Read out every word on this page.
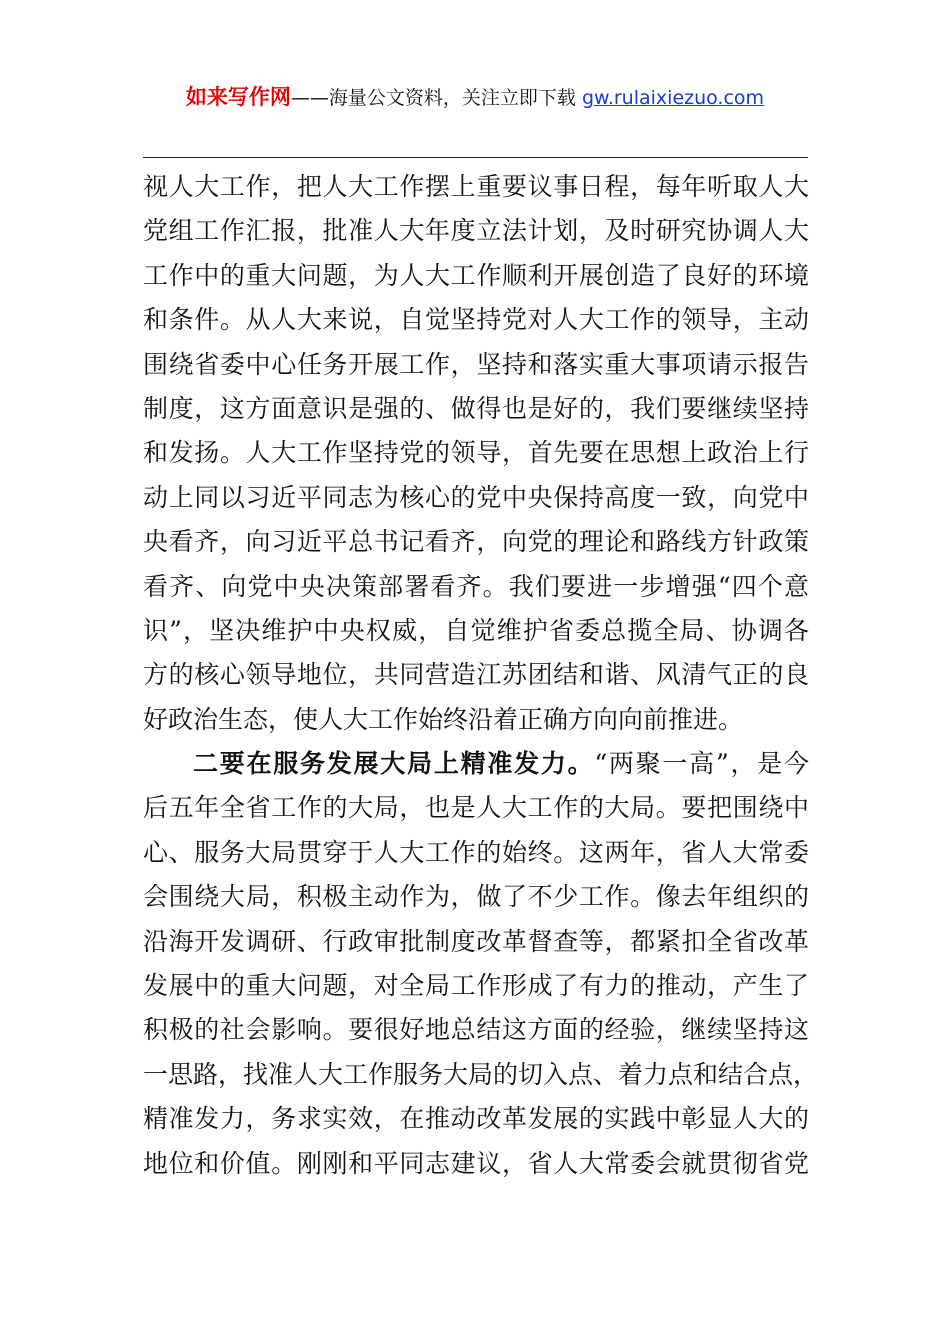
如来写作网——海量公文资料，关注立即下载 gw.rulaixiezuo.com
视人大工作，把人大工作摆上重要议事日程，每年听取人大
党组工作汇报，批准人大年度立法计划，及时研究协调人大
工作中的重大问题，为人大工作顺利开展创造了良好的环境
和条件。从人大来说，自觉坚持党对人大工作的领导，主动
围绕省委中心任务开展工作，坚持和落实重大事项请示报告
制度，这方面意识是强的、做得也是好的，我们要继续坚持
和发扬。人大工作坚持党的领导，首先要在思想上政治上行
动上同以习近平同志为核心的党中央保持高度一致，向党中
央看齐，向习近平总书记看齐，向党的理论和路线方针政策
看齐、向党中央决策部署看齐。我们要进一步增强“四个意
识”，坚决维护中央权威，自觉维护省委总揽全局、协调各
方的核心领导地位，共同营造江苏团结和谐、风清气正的良
好政治生态，使人大工作始终沿着正确方向向前推进。
二要在服务发展大局上精准发力。“两聚一高”，是今
后五年全省工作的大局，也是人大工作的大局。要把围绕中
心、服务大局贯穿于人大工作的始终。这两年，省人大常委
会围绕大局，积极主动作为，做了不少工作。像去年组织的
沿海开发调研、行政审批制度改革督查等，都紧扣全省改革
发展中的重大问题，对全局工作形成了有力的推动，产生了
积极的社会影响。要很好地总结这方面的经验，继续坚持这
一思路，找准人大工作服务大局的切入点、着力点和结合点，
精准发力，务求实效，在推动改革发展的实践中彰显人大的
地位和价值。刚刚和平同志建议，省人大常委会就贯彻省党
